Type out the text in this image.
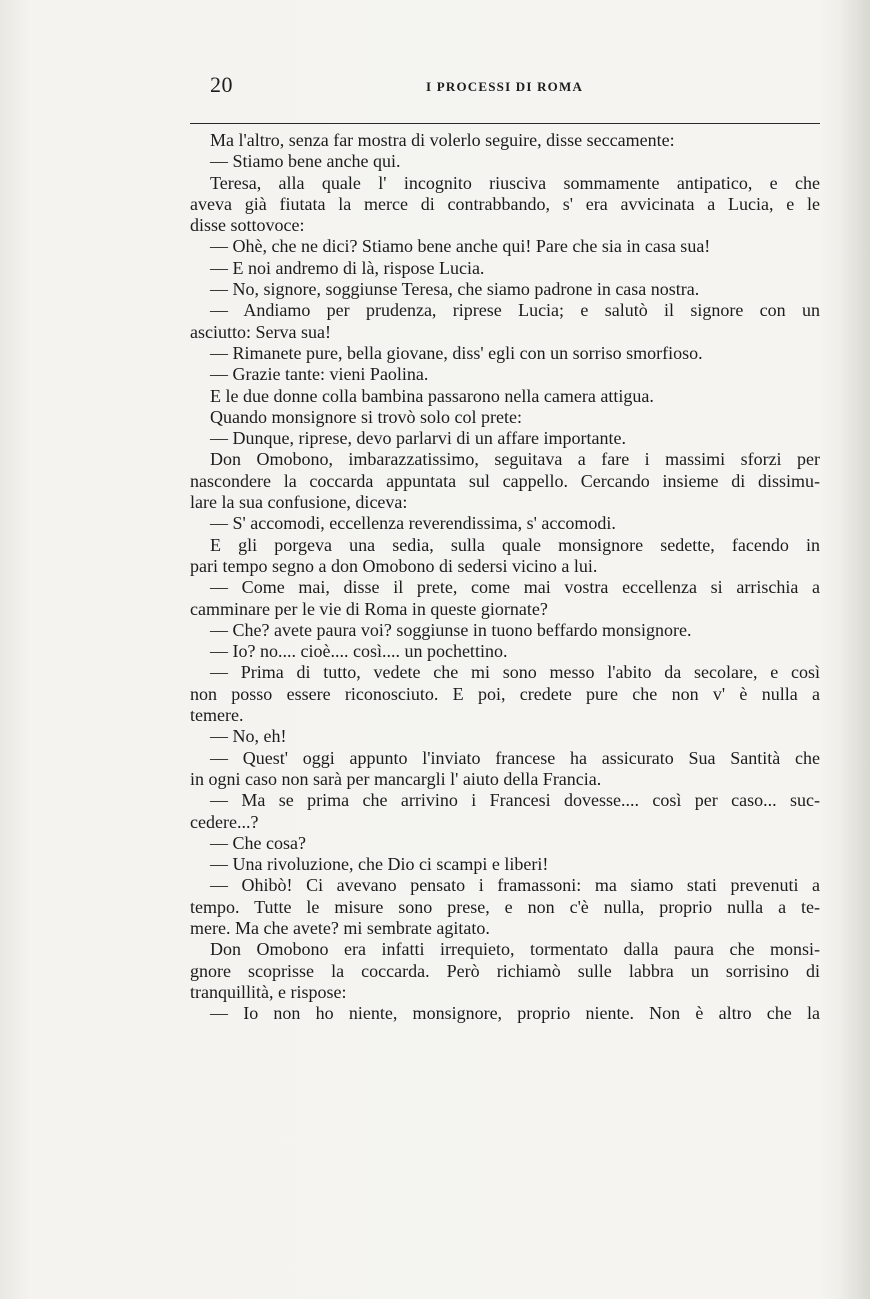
20	I PROCESSI DI ROMA
Ma l'altro, senza far mostra di volerlo seguire, disse seccamente:
— Stiamo bene anche qui.
Teresa, alla quale l' incognito riusciva sommamente antipatico, e che
aveva già fiutata la merce di contrabbando, s' era avvicinata a Lucia, e le
disse sottovoce:
— Ohè, che ne dici? Stiamo bene anche qui! Pare che sia in casa sua!
— E noi andremo di là, rispose Lucia.
— No, signore, soggiunse Teresa, che siamo padrone in casa nostra.
— Andiamo per prudenza, riprese Lucia; e salutò il signore con un
asciutto: Serva sua!
— Rimanete pure, bella giovane, diss' egli con un sorriso smorfioso.
— Grazie tante: vieni Paolina.
E le due donne colla bambina passarono nella camera attigua.
Quando monsignore si trovò solo col prete:
— Dunque, riprese, devo parlarvi di un affare importante.
Don Omobono, imbarazzatissimo, seguitava a fare i massimi sforzi per
nascondere la coccarda appuntata sul cappello. Cercando insieme di dissimu-
lare la sua confusione, diceva:
— S' accomodi, eccellenza reverendissima, s' accomodi.
E gli porgeva una sedia, sulla quale monsignore sedette, facendo in
pari tempo segno a don Omobono di sedersi vicino a lui.
— Come mai, disse il prete, come mai vostra eccellenza si arrischia a
camminare per le vie di Roma in queste giornate?
— Che? avete paura voi? soggiunse in tuono beffardo monsignore.
— Io? no.... cioè.... così.... un pochettino.
— Prima di tutto, vedete che mi sono messo l'abito da secolare, e così
non posso essere riconosciuto. E poi, credete pure che non v' è nulla a
temere.
— No, eh!
— Quest' oggi appunto l'inviato francese ha assicurato Sua Santità che
in ogni caso non sarà per mancargli l' aiuto della Francia.
— Ma se prima che arrivino i Francesi dovesse.... così per caso... suc-
cedere...?
— Che cosa?
— Una rivoluzione, che Dio ci scampi e liberi!
— Ohibò! Ci avevano pensato i framassoni: ma siamo stati prevenuti a
tempo. Tutte le misure sono prese, e non c'è nulla, proprio nulla a te-
mere. Ma che avete? mi sembrate agitato.
Don Omobono era infatti irrequieto, tormentato dalla paura che monsi-
gnore scoprisse la coccarda. Però richiamò sulle labbra un sorrisino di
tranquillità, e rispose:
— Io non ho niente, monsignore, proprio niente. Non è altro che la
